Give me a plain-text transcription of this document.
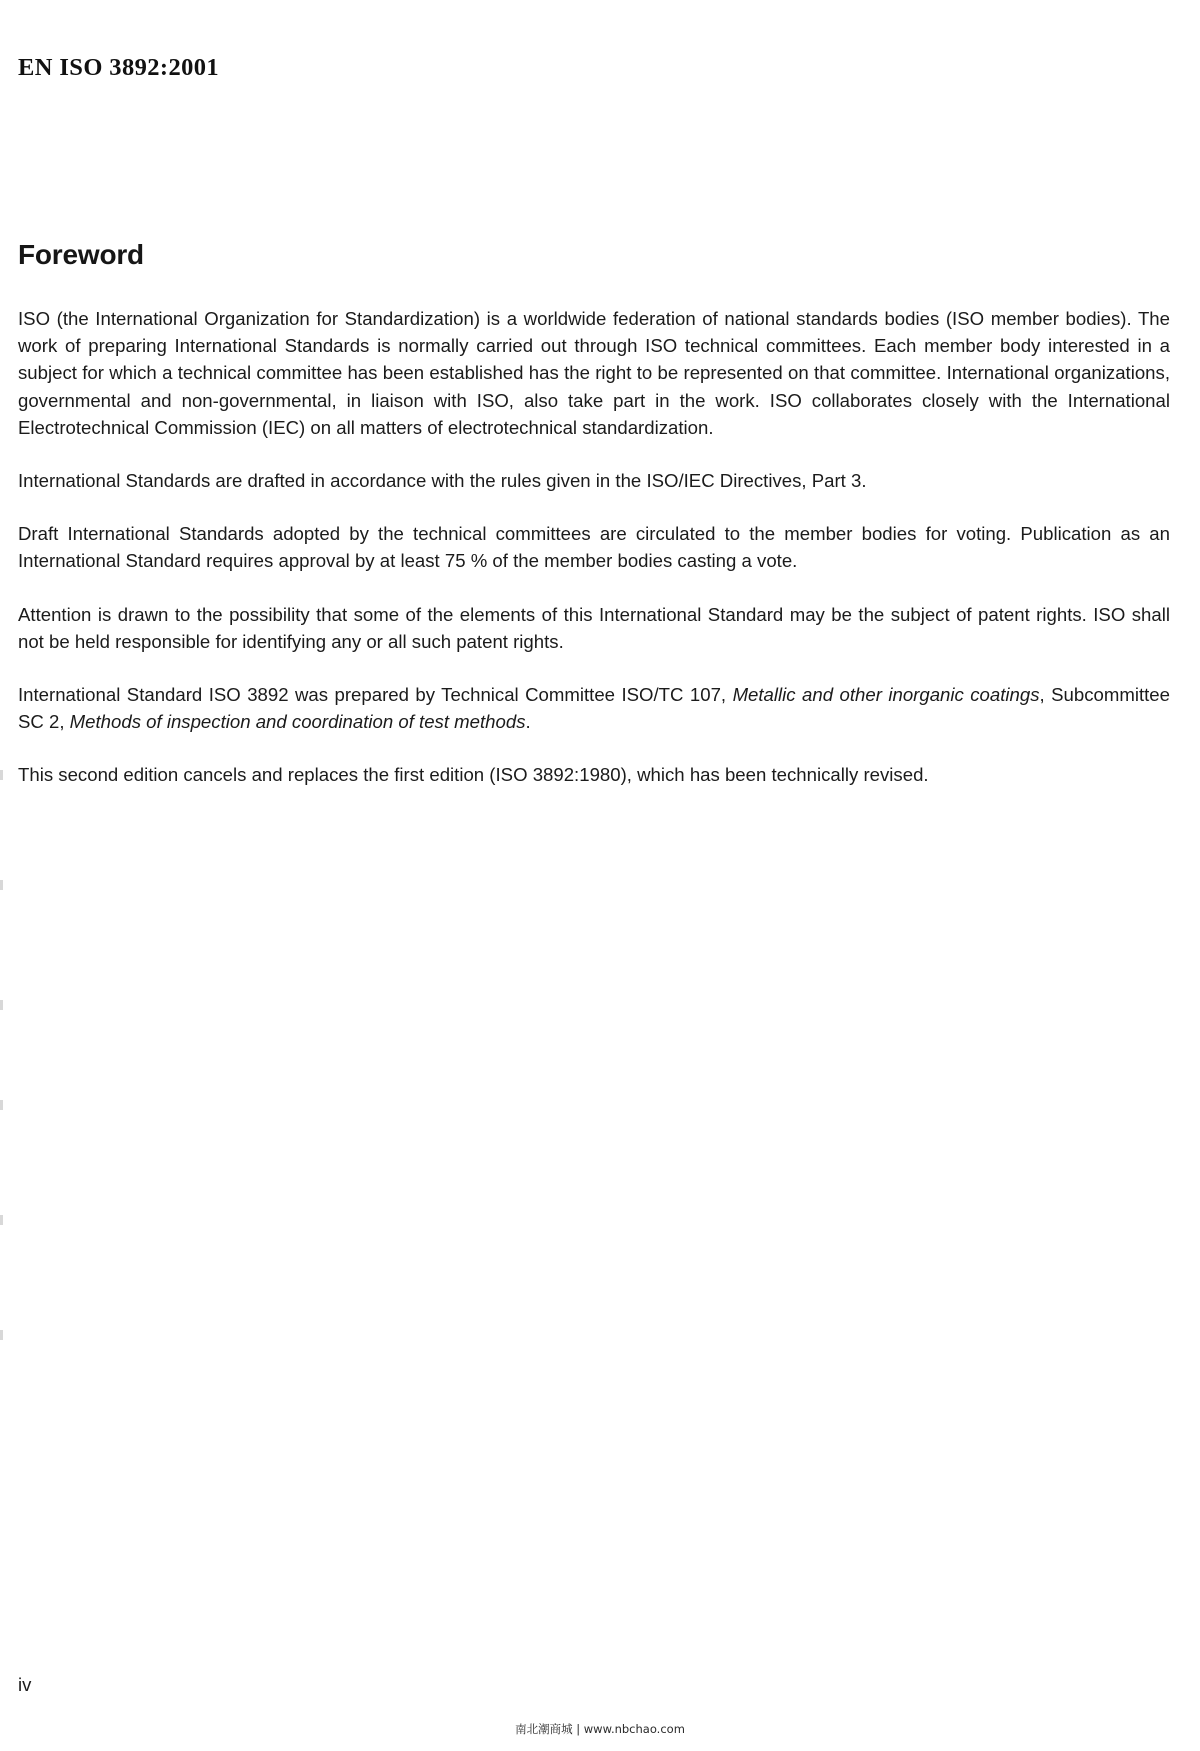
EN ISO 3892:2001
Foreword

ISO (the International Organization for Standardization) is a worldwide federation of national standards bodies (ISO member bodies). The work of preparing International Standards is normally carried out through ISO technical committees. Each member body interested in a subject for which a technical committee has been established has the right to be represented on that committee. International organizations, governmental and non-governmental, in liaison with ISO, also take part in the work. ISO collaborates closely with the International Electrotechnical Commission (IEC) on all matters of electrotechnical standardization.

International Standards are drafted in accordance with the rules given in the ISO/IEC Directives, Part 3.

Draft International Standards adopted by the technical committees are circulated to the member bodies for voting. Publication as an International Standard requires approval by at least 75 % of the member bodies casting a vote.

Attention is drawn to the possibility that some of the elements of this International Standard may be the subject of patent rights. ISO shall not be held responsible for identifying any or all such patent rights.

International Standard ISO 3892 was prepared by Technical Committee ISO/TC 107, Metallic and other inorganic coatings, Subcommittee SC 2, Methods of inspection and coordination of test methods.

This second edition cancels and replaces the first edition (ISO 3892:1980), which has been technically revised.

iv
南北潮商城 | www.nbchao.com
